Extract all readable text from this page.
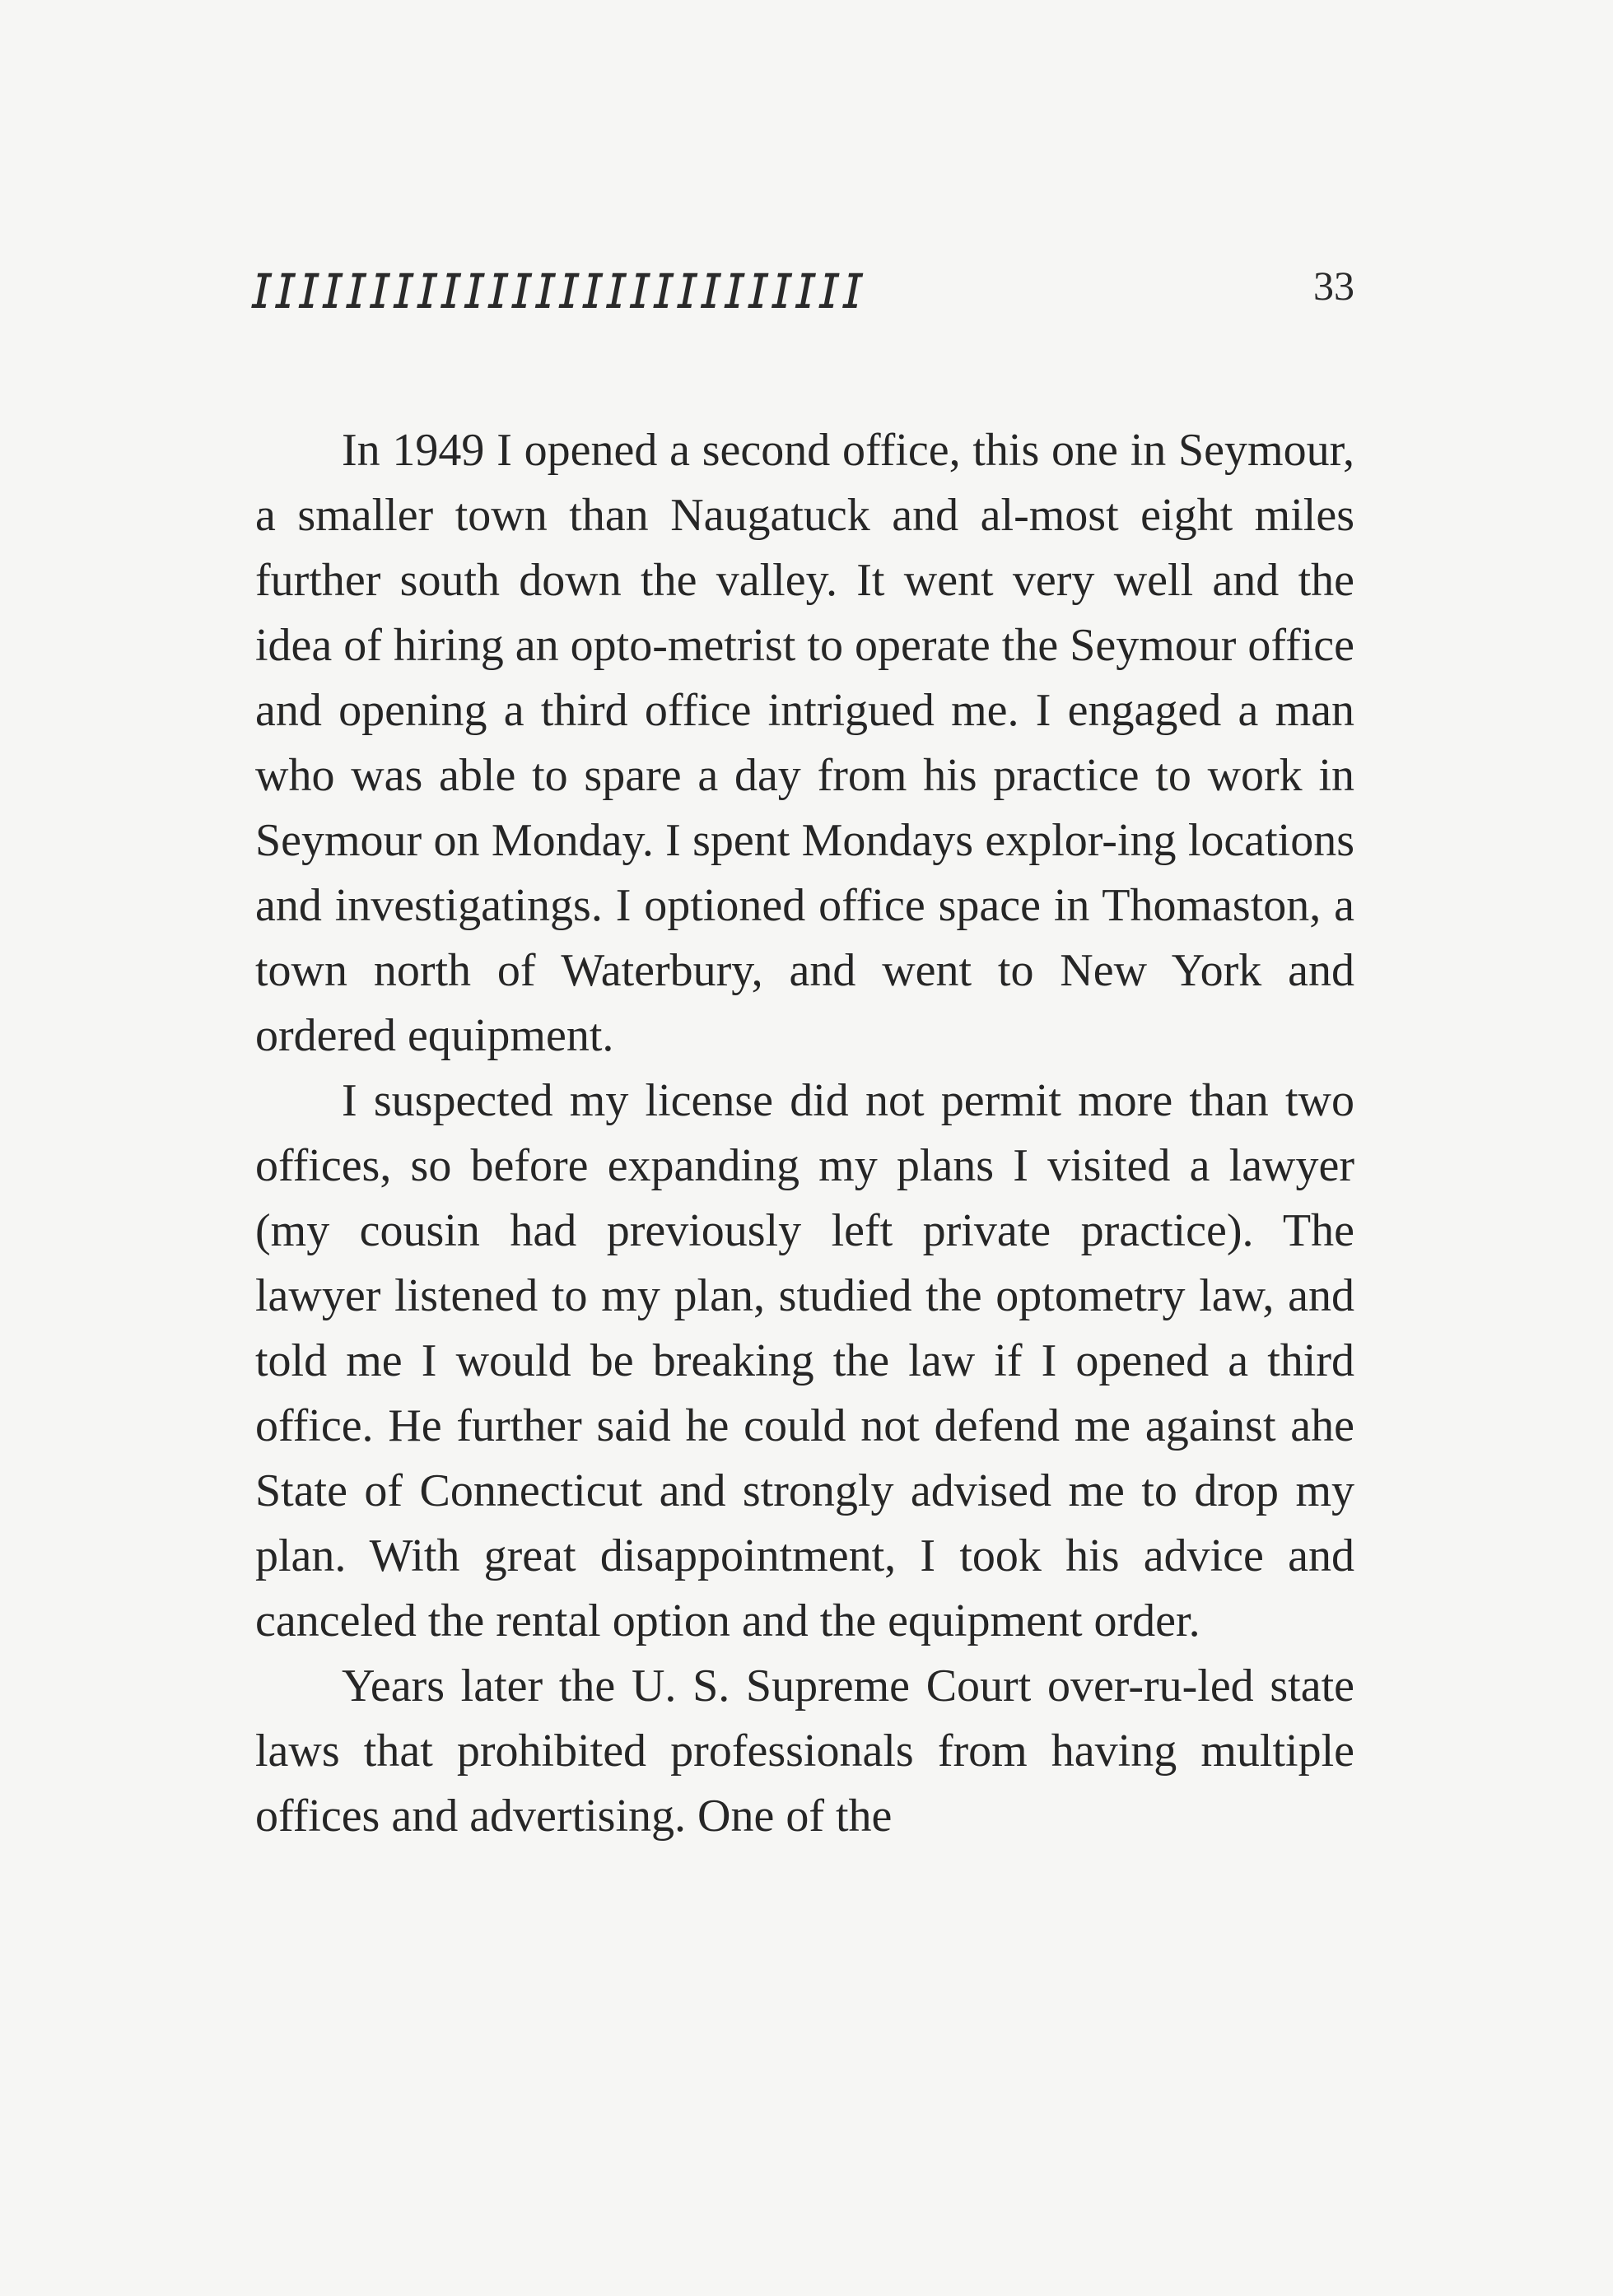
𝘐𝘐𝘐𝘐𝘐𝘐𝘐𝘐𝘐𝘐𝘐𝘐𝘐𝘐𝘐𝘐𝘐𝘐𝘐𝘐𝘐𝘐𝘐𝘐𝘐𝘐	33

In 1949 I opened a second office, this one in Seymour, a smaller town than Naugatuck and al-most eight miles further south down the valley. It went very well and the idea of hiring an opto-metrist to operate the Seymour office and opening a third office intrigued me. I engaged a man who was able to spare a day from his practice to work in Seymour on Monday. I spent Mondays explor-ing locations and investigatings. I optioned office space in Thomaston, a town north of Waterbury, and went to New York and ordered equipment.

I suspected my license did not permit more than two offices, so before expanding my plans I visited a lawyer (my cousin had previously left private practice). The lawyer listened to my plan, studied the optometry law, and told me I would be breaking the law if I opened a third office. He further said he could not defend me against ahe State of Connecticut and strongly advised me to drop my plan. With great disappointment, I took his advice and canceled the rental option and the equipment order.

Years later the U. S. Supreme Court over-ru-led state laws that prohibited professionals from having multiple offices and advertising. One of the
